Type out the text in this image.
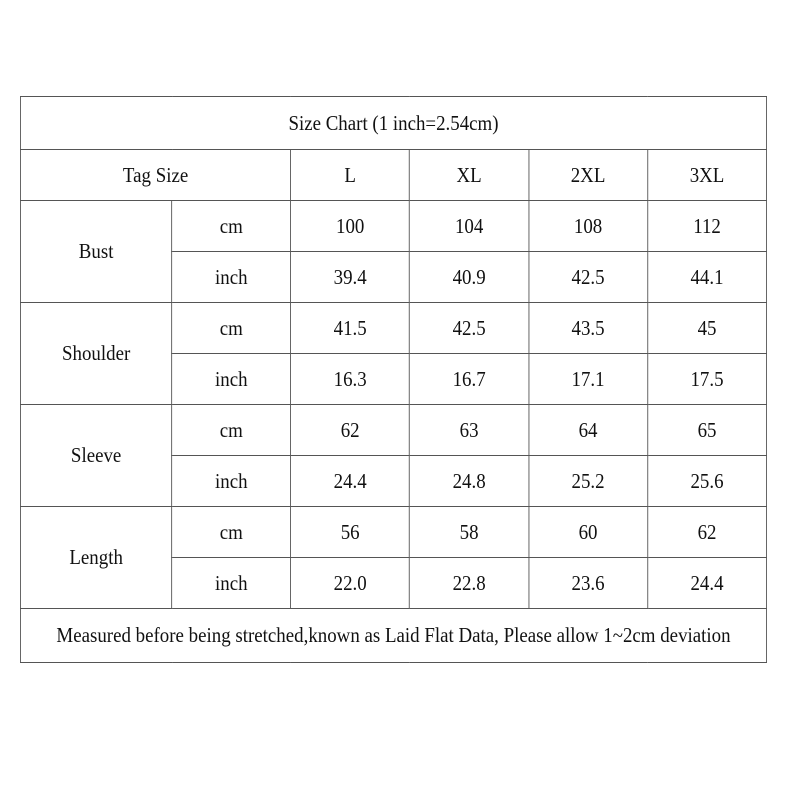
Size Chart (1 inch=2.54cm)					
Tag Size		L	XL	2XL	3XL
Bust	cm	100	104	108	112
	inch	39.4	40.9	42.5	44.1
Shoulder	cm	41.5	42.5	43.5	45
	inch	16.3	16.7	17.1	17.5
Sleeve	cm	62	63	64	65
	inch	24.4	24.8	25.2	25.6
Length	cm	56	58	60	62
	inch	22.0	22.8	23.6	24.4
Measured before being stretched,known as Laid Flat Data, Please allow 1~2cm deviation					
